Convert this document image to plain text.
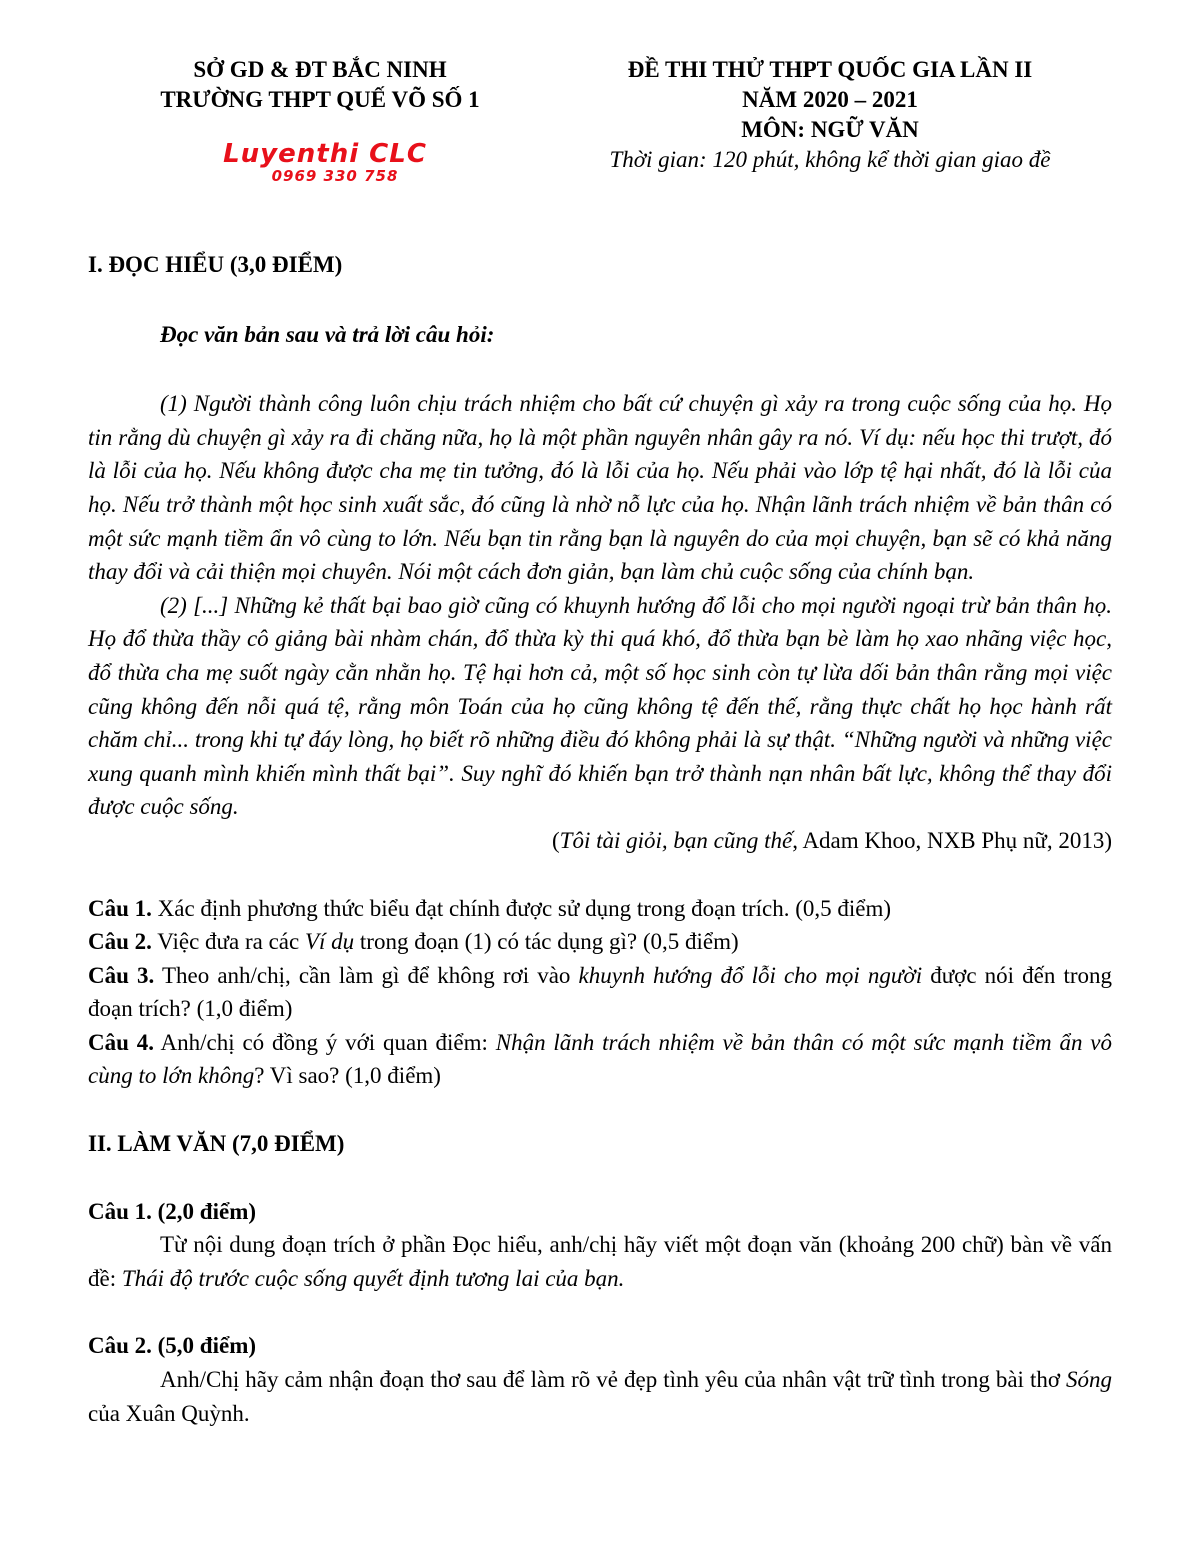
SỞ GD & ĐT BẮC NINH
TRƯỜNG THPT QUẾ VÕ SỐ 1
Luyenthi CLC
0969 330 758
ĐỀ THI THỬ THPT QUỐC GIA LẦN II
NĂM 2020 – 2021
MÔN: NGỮ VĂN
Thời gian: 120 phút, không kể thời gian giao đề

I. ĐỌC HIỂU (3,0 ĐIỂM)

Đọc văn bản sau và trả lời câu hỏi:

(1) Người thành công luôn chịu trách nhiệm cho bất cứ chuyện gì xảy ra trong cuộc sống của họ. Họ tin rằng dù chuyện gì xảy ra đi chăng nữa, họ là một phần nguyên nhân gây ra nó. Ví dụ: nếu học thi trượt, đó là lỗi của họ. Nếu không được cha mẹ tin tưởng, đó là lỗi của họ. Nếu phải vào lớp tệ hại nhất, đó là lỗi của họ. Nếu trở thành một học sinh xuất sắc, đó cũng là nhờ nỗ lực của họ. Nhận lãnh trách nhiệm về bản thân có một sức mạnh tiềm ẩn vô cùng to lớn. Nếu bạn tin rằng bạn là nguyên do của mọi chuyện, bạn sẽ có khả năng thay đổi và cải thiện mọi chuyên. Nói một cách đơn giản, bạn làm chủ cuộc sống của chính bạn.

(2) [...] Những kẻ thất bại bao giờ cũng có khuynh hướng đổ lỗi cho mọi người ngoại trừ bản thân họ. Họ đổ thừa thầy cô giảng bài nhàm chán, đổ thừa kỳ thi quá khó, đổ thừa bạn bè làm họ xao nhãng việc học, đổ thừa cha mẹ suốt ngày cằn nhằn họ. Tệ hại hơn cả, một số học sinh còn tự lừa dối bản thân rằng mọi việc cũng không đến nỗi quá tệ, rằng môn Toán của họ cũng không tệ đến thế, rằng thực chất họ học hành rất chăm chỉ... trong khi tự đáy lòng, họ biết rõ những điều đó không phải là sự thật. “Những người và những việc xung quanh mình khiến mình thất bại”. Suy nghĩ đó khiến bạn trở thành nạn nhân bất lực, không thể thay đổi được cuộc sống.

(Tôi tài giỏi, bạn cũng thế, Adam Khoo, NXB Phụ nữ, 2013)

Câu 1. Xác định phương thức biểu đạt chính được sử dụng trong đoạn trích. (0,5 điểm)

Câu 2. Việc đưa ra các Ví dụ trong đoạn (1) có tác dụng gì? (0,5 điểm)

Câu 3. Theo anh/chị, cần làm gì để không rơi vào khuynh hướng đổ lỗi cho mọi người được nói đến trong đoạn trích? (1,0 điểm)

Câu 4. Anh/chị có đồng ý với quan điểm: Nhận lãnh trách nhiệm về bản thân có một sức mạnh tiềm ẩn vô cùng to lớn không? Vì sao? (1,0 điểm)

II. LÀM VĂN (7,0 ĐIỂM)

Câu 1. (2,0 điểm)

Từ nội dung đoạn trích ở phần Đọc hiểu, anh/chị hãy viết một đoạn văn (khoảng 200 chữ) bàn về vấn đề: Thái độ trước cuộc sống quyết định tương lai của bạn.

Câu 2. (5,0 điểm)

Anh/Chị hãy cảm nhận đoạn thơ sau để làm rõ vẻ đẹp tình yêu của nhân vật trữ tình trong bài thơ Sóng của Xuân Quỳnh.
